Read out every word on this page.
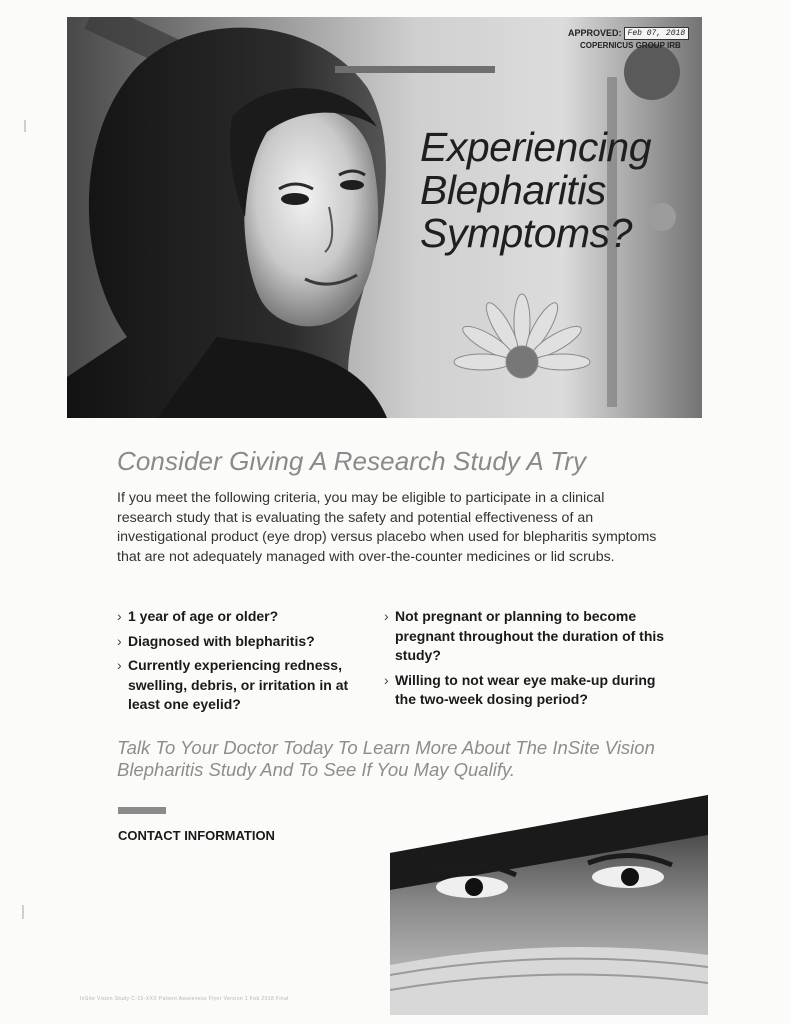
APPROVED : Feb 07, 2018
COPERNICUS GROUP IRB
Experiencing
Blepharitis
Symptoms?
Consider Giving A Research Study A Try
If you meet the following criteria, you may be eligible to participate in a clinical research study that is evaluating the safety and potential effectiveness of an investigational product (eye drop) versus placebo when used for blepharitis symptoms that are not adequately managed with over-the-counter medicines or lid scrubs.
› 1 year of age or older?
› Diagnosed with blepharitis?
› Currently experiencing redness, swelling, debris, or irritation in at least one eyelid?
› Not pregnant or planning to become pregnant throughout the duration of this study?
› Willing to not wear eye make-up during the two-week dosing period?
Talk To Your Doctor Today To Learn More About The InSite Vision Blepharitis Study And To See If You May Qualify.
CONTACT INFORMATION
InSite Vision Study C-15-XXX Patient Awareness Flyer Version 1 Feb 2018 Final
